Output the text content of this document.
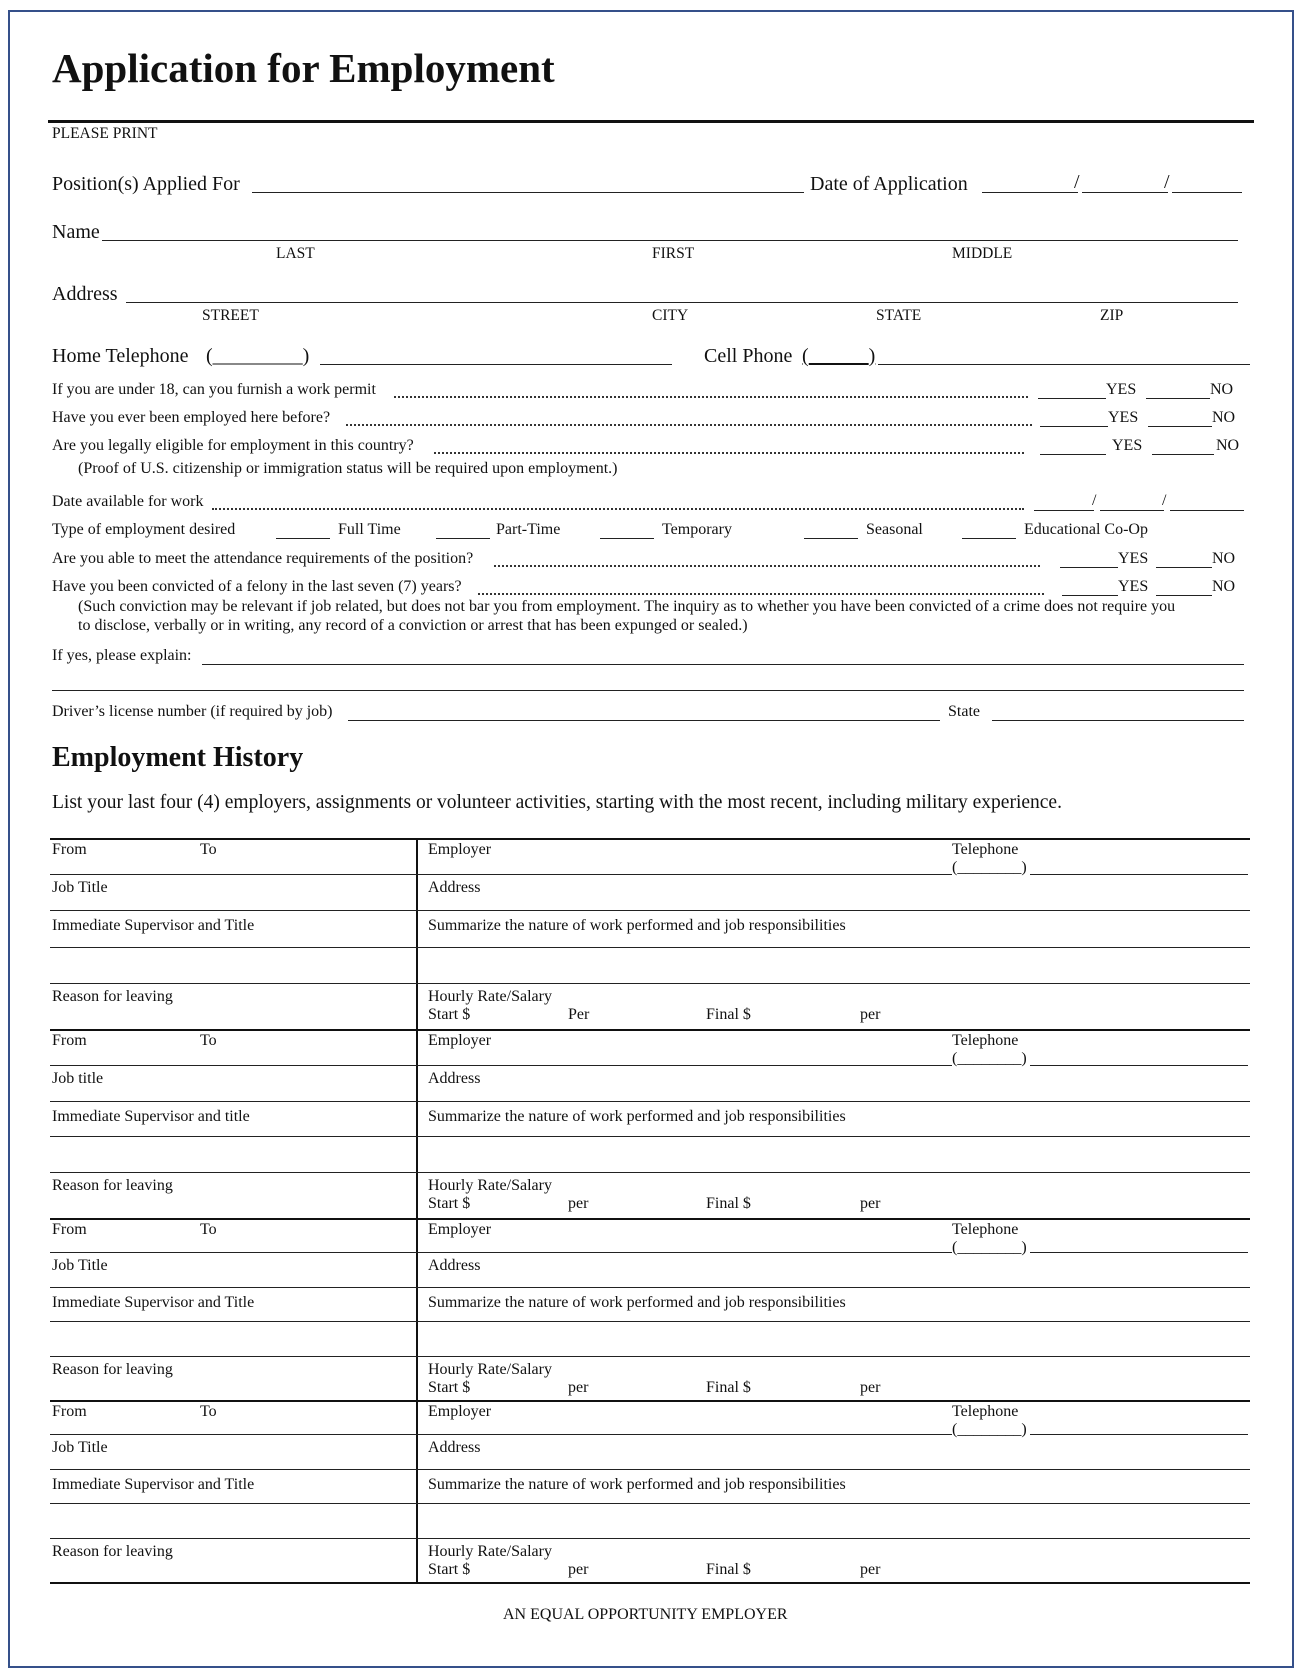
Application for Employment
PLEASE PRINT
Position(s) Applied For	Date of Application	/	/
Name
LAST	FIRST	MIDDLE
Address
STREET	CITY	STATE	ZIP
Home Telephone (_________)	Cell Phone (______)
If you are under 18, can you furnish a work permit	YES	NO
Have you ever been employed here before?	YES	NO
Are you legally eligible for employment in this country?	YES	NO
(Proof of U.S. citizenship or immigration status will be required upon employment.)
Date available for work	/	/
Type of employment desired	Full Time	Part-Time	Temporary	Seasonal	Educational Co-Op
Are you able to meet the attendance requirements of the position?	YES	NO
Have you been convicted of a felony in the last seven (7) years?	YES	NO
(Such conviction may be relevant if job related, but does not bar you from employment. The inquiry as to whether you have been convicted of a crime does not require you
to disclose, verbally or in writing, any record of a conviction or arrest that has been expunged or sealed.)
If yes, please explain:
Driver’s license number (if required by job)	State
Employment History
List your last four (4) employers, assignments or volunteer activities, starting with the most recent, including military experience.
From	To	Employer	Telephone
(________)
Job Title	Address
Immediate Supervisor and Title	Summarize the nature of work performed and job responsibilities
Reason for leaving	Hourly Rate/Salary
Start $	Per	Final $	per
From	To	Employer	Telephone
(________)
Job title	Address
Immediate Supervisor and title	Summarize the nature of work performed and job responsibilities
Reason for leaving	Hourly Rate/Salary
Start $	per	Final $	per
From	To	Employer	Telephone
(________)
Job Title	Address
Immediate Supervisor and Title	Summarize the nature of work performed and job responsibilities
Reason for leaving	Hourly Rate/Salary
Start $	per	Final $	per
From	To	Employer	Telephone
(________)
Job Title	Address
Immediate Supervisor and Title	Summarize the nature of work performed and job responsibilities
Reason for leaving	Hourly Rate/Salary
Start $	per	Final $	per
AN EQUAL OPPORTUNITY EMPLOYER
